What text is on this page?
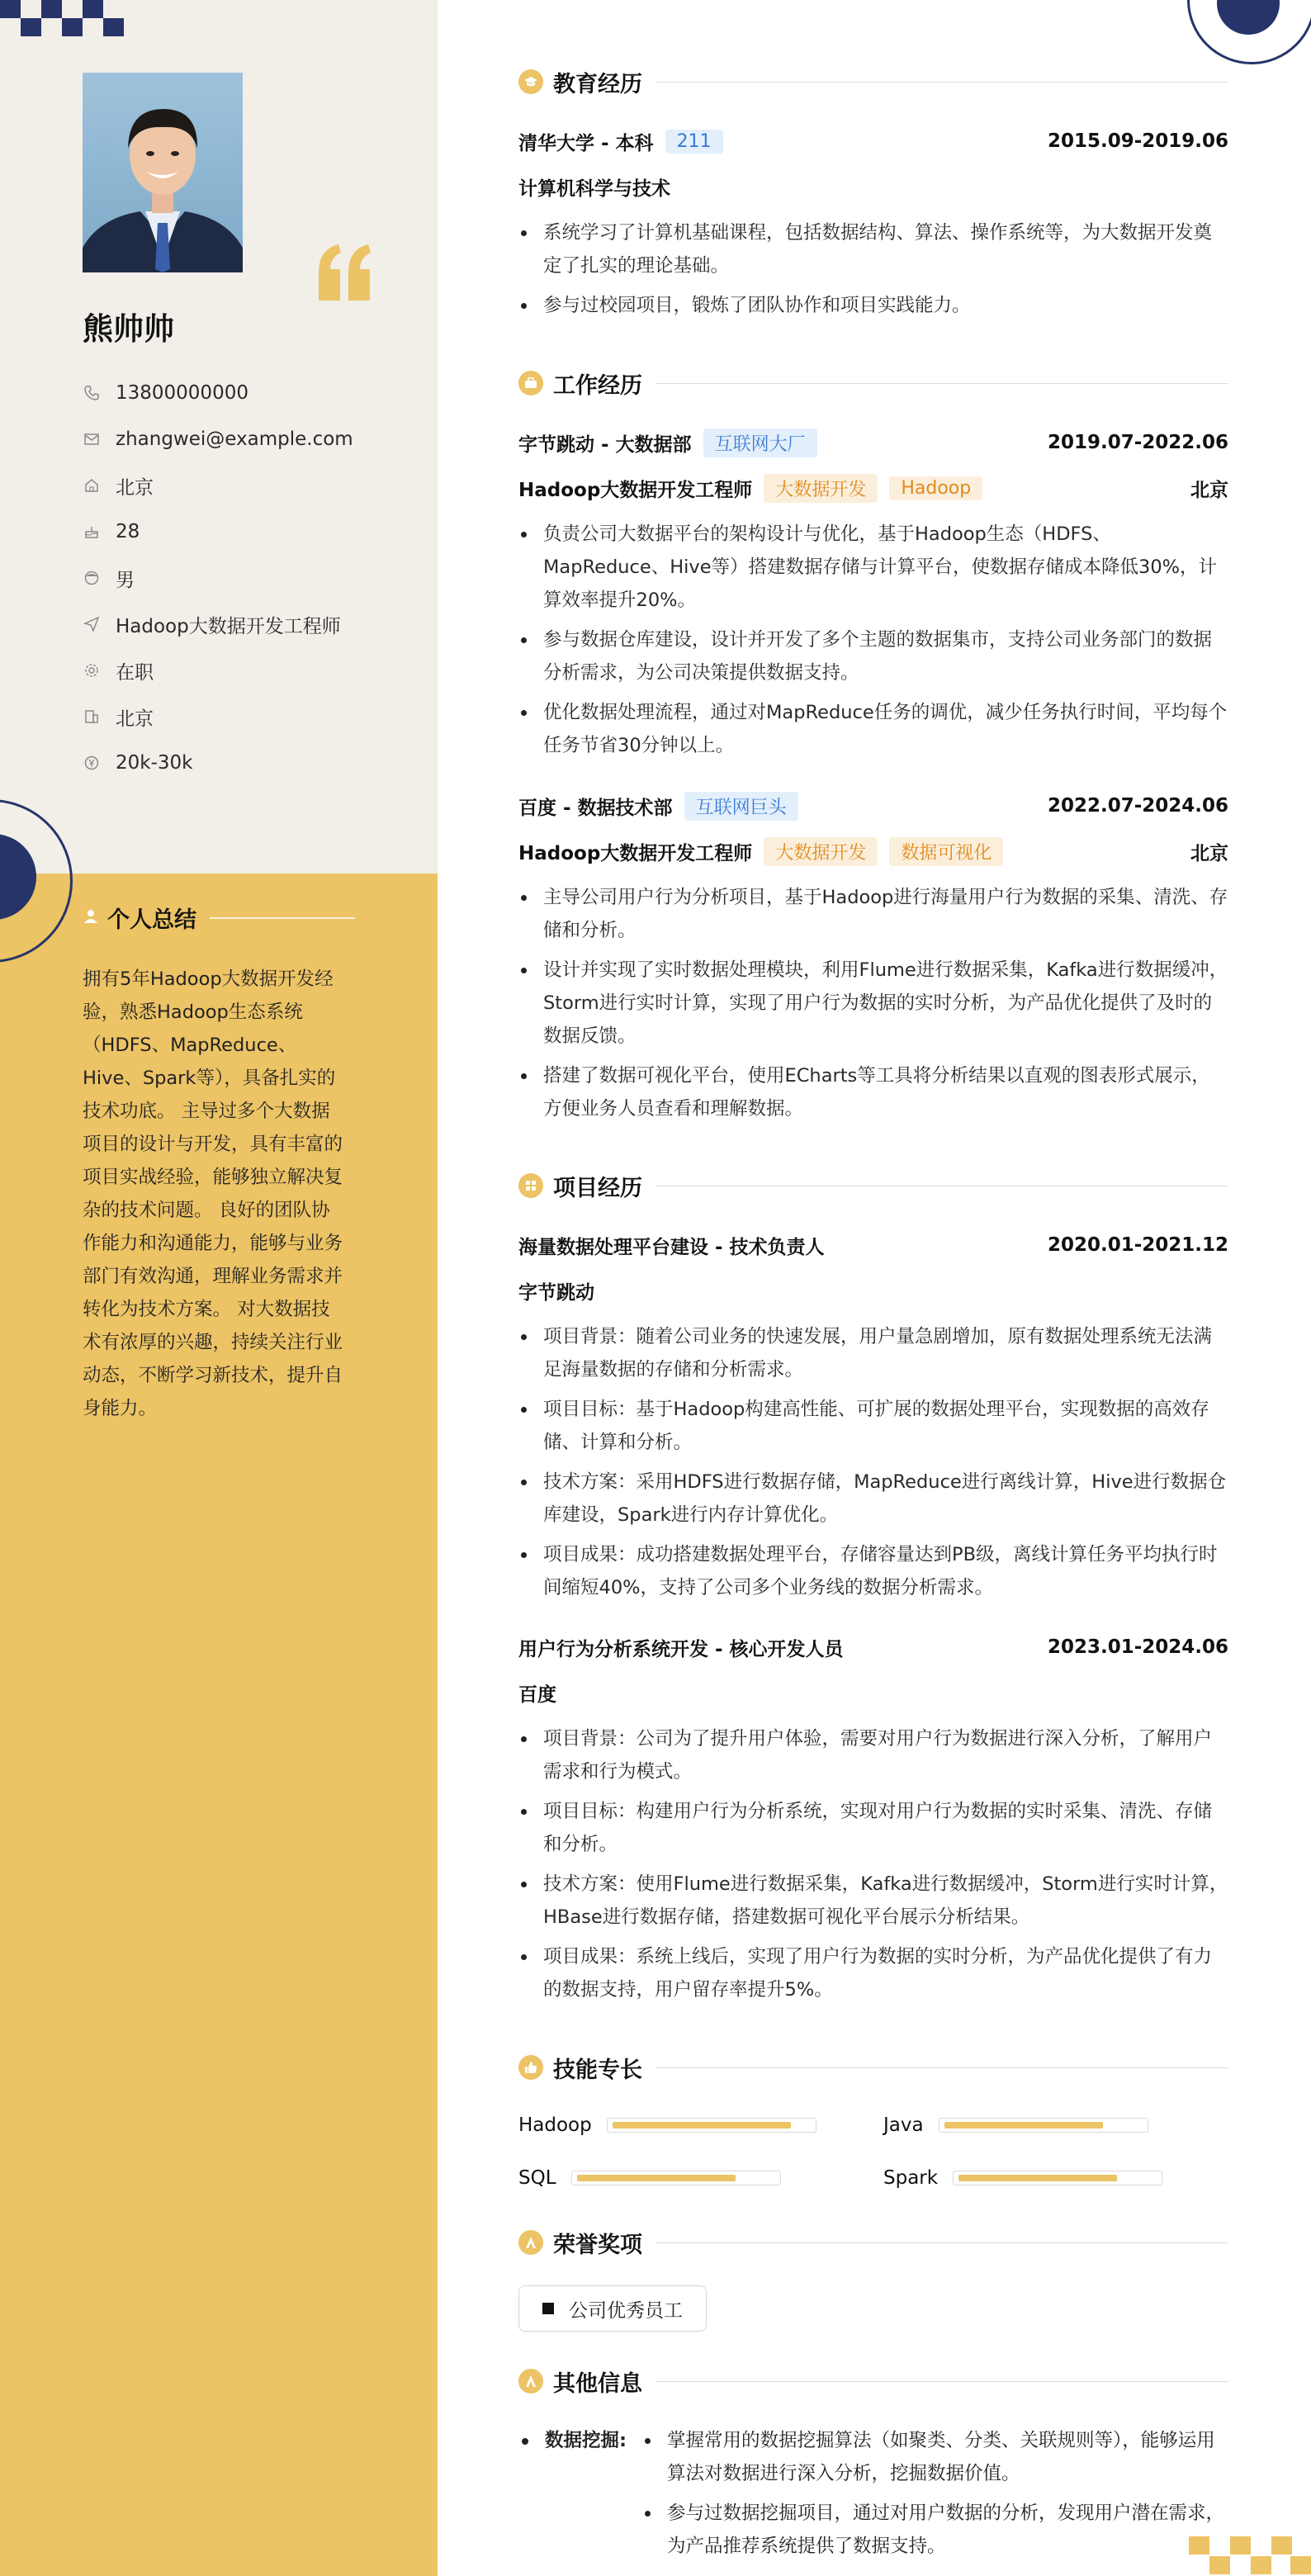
熊帅帅
13800000000
zhangwei@example.com
北京
28
男
Hadoop大数据开发工程师
在职
北京
20k-30k
个人总结
拥有5年Hadoop大数据开发经验，熟悉Hadoop生态系统（HDFS、MapReduce、Hive、Spark等），具备扎实的技术功底。 主导过多个大数据项目的设计与开发，具有丰富的项目实战经验，能够独立解决复杂的技术问题。 良好的团队协作能力和沟通能力，能够与业务部门有效沟通，理解业务需求并转化为技术方案。 对大数据技术有浓厚的兴趣，持续关注行业动态，不断学习新技术，提升自身能力。
教育经历
清华大学 - 本科	211	2015.09-2019.06
计算机科学与技术
系统学习了计算机基础课程，包括数据结构、算法、操作系统等，为大数据开发奠定了扎实的理论基础。
参与过校园项目，锻炼了团队协作和项目实践能力。
工作经历
字节跳动 - 大数据部	互联网大厂	2019.07-2022.06
Hadoop大数据开发工程师	大数据开发	Hadoop	北京
负责公司大数据平台的架构设计与优化，基于Hadoop生态（HDFS、MapReduce、Hive等）搭建数据存储与计算平台，使数据存储成本降低30%，计算效率提升20%。
参与数据仓库建设，设计并开发了多个主题的数据集市，支持公司业务部门的数据分析需求，为公司决策提供数据支持。
优化数据处理流程，通过对MapReduce任务的调优，减少任务执行时间，平均每个任务节省30分钟以上。
百度 - 数据技术部	互联网巨头	2022.07-2024.06
Hadoop大数据开发工程师	大数据开发	数据可视化	北京
主导公司用户行为分析项目，基于Hadoop进行海量用户行为数据的采集、清洗、存储和分析。
设计并实现了实时数据处理模块，利用Flume进行数据采集，Kafka进行数据缓冲，Storm进行实时计算，实现了用户行为数据的实时分析，为产品优化提供了及时的数据反馈。
搭建了数据可视化平台，使用ECharts等工具将分析结果以直观的图表形式展示，方便业务人员查看和理解数据。
项目经历
海量数据处理平台建设 - 技术负责人	2020.01-2021.12
字节跳动
项目背景：随着公司业务的快速发展，用户量急剧增加，原有数据处理系统无法满足海量数据的存储和分析需求。
项目目标：基于Hadoop构建高性能、可扩展的数据处理平台，实现数据的高效存储、计算和分析。
技术方案：采用HDFS进行数据存储，MapReduce进行离线计算，Hive进行数据仓库建设，Spark进行内存计算优化。
项目成果：成功搭建数据处理平台，存储容量达到PB级，离线计算任务平均执行时间缩短40%，支持了公司多个业务线的数据分析需求。
用户行为分析系统开发 - 核心开发人员	2023.01-2024.06
百度
项目背景：公司为了提升用户体验，需要对用户行为数据进行深入分析，了解用户需求和行为模式。
项目目标：构建用户行为分析系统，实现对用户行为数据的实时采集、清洗、存储和分析。
技术方案：使用Flume进行数据采集，Kafka进行数据缓冲，Storm进行实时计算，HBase进行数据存储，搭建数据可视化平台展示分析结果。
项目成果：系统上线后，实现了用户行为数据的实时分析，为产品优化提供了有力的数据支持，用户留存率提升5%。
技能专长
Hadoop	Java
SQL	Spark
荣誉奖项
公司优秀员工
其他信息
数据挖掘:	掌握常用的数据挖掘算法（如聚类、分类、关联规则等），能够运用算法对数据进行深入分析，挖掘数据价值。
参与过数据挖掘项目，通过对用户数据的分析，发现用户潜在需求，为产品推荐系统提供了数据支持。
